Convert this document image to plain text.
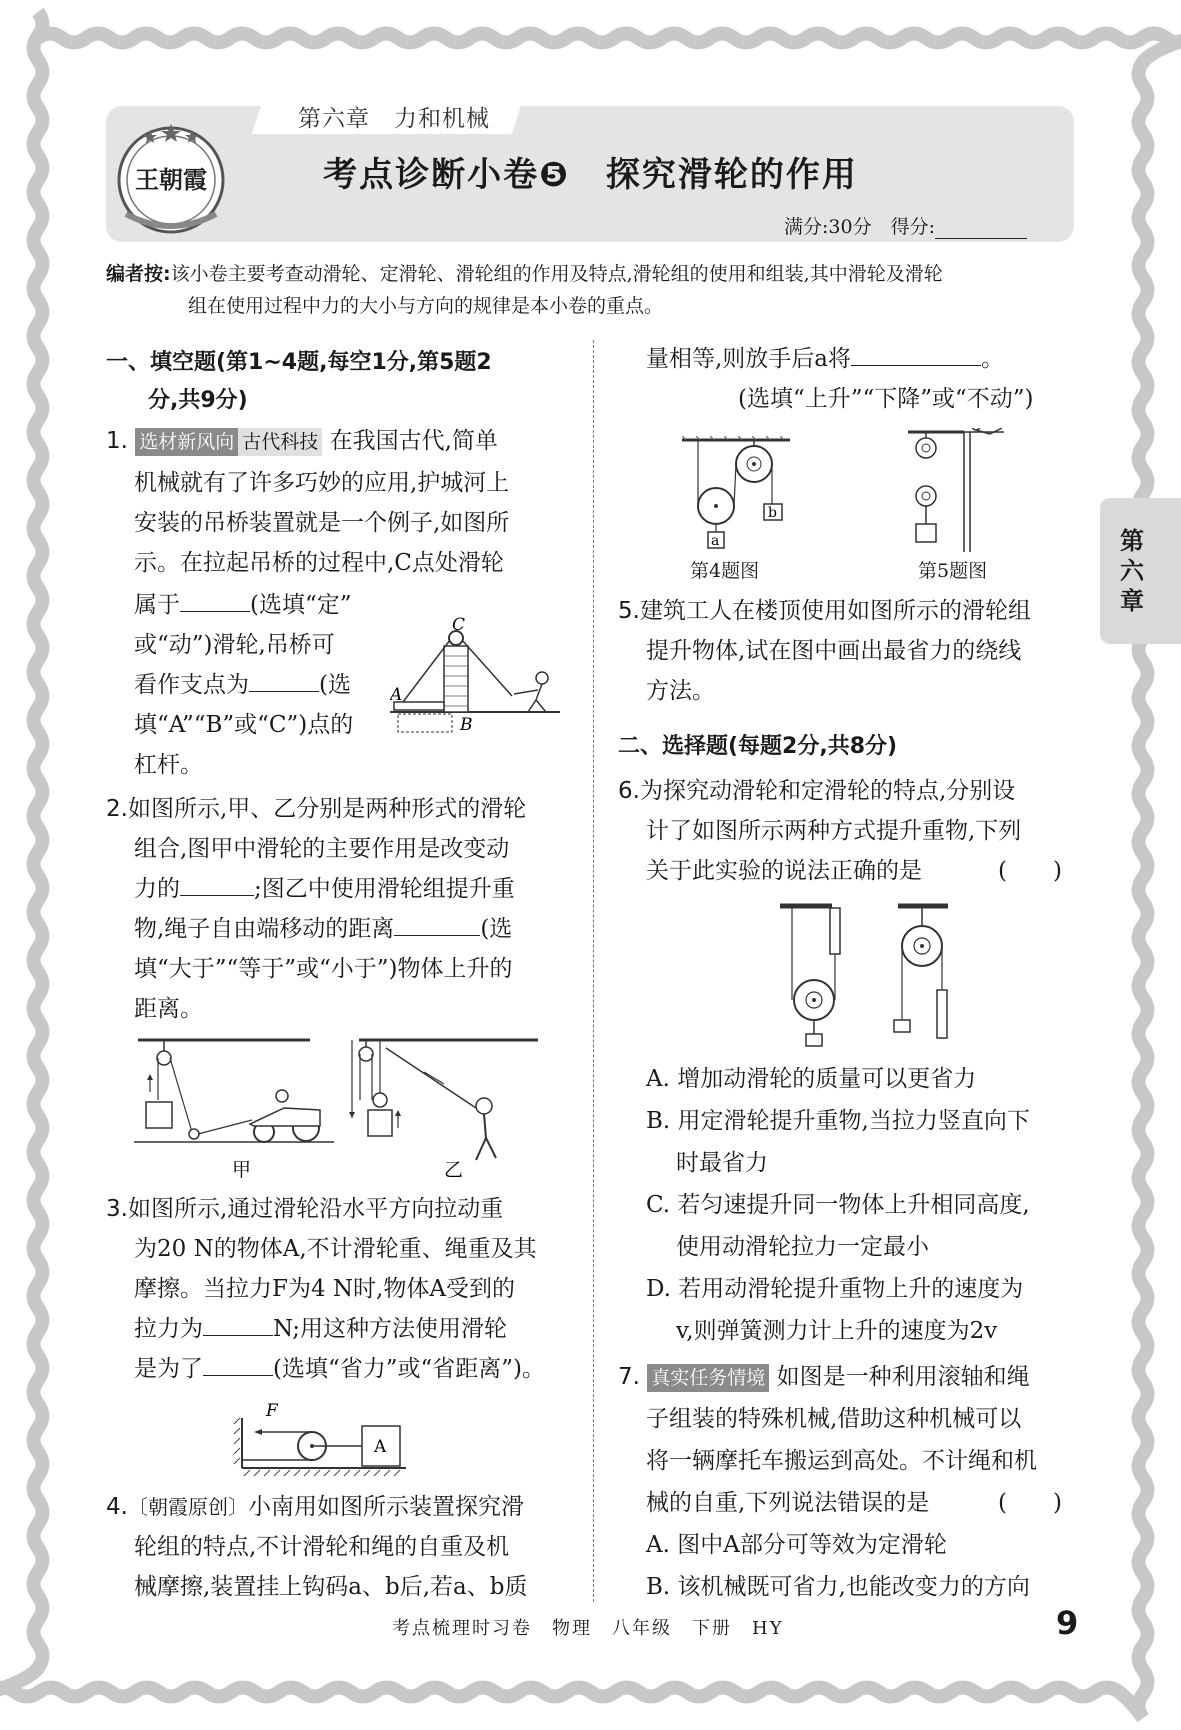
第六章　力和机械
王朝霞	考点诊断小卷❺　探究滑轮的作用
满分:30分　得分:
编者按:该小卷主要考查动滑轮、定滑轮、滑轮组的作用及特点,滑轮组的使用和组装,其中滑轮及滑轮
组在使用过程中力的大小与方向的规律是本小卷的重点。
第六章
一、填空题(第1~4题,每空1分,第5题2
分,共9分)
1. 选材新风向 古代科技 在我国古代,简单
机械就有了许多巧妙的应用,护城河上
安装的吊桥装置就是一个例子,如图所
示。在拉起吊桥的过程中,C点处滑轮
属于	(选填“定”
或“动”)滑轮,吊桥可
看作支点为	(选
填“A”“B”或“C”)点的
杠杆。
C
A
B
2.如图所示,甲、乙分别是两种形式的滑轮
组合,图甲中滑轮的主要作用是改变动
力的	;图乙中使用滑轮组提升重
物,绳子自由端移动的距离	(选
填“大于”“等于”或“小于”)物体上升的
距离。
甲	乙
3.如图所示,通过滑轮沿水平方向拉动重
为20 N的物体A,不计滑轮重、绳重及其
摩擦。当拉力F为4 N时,物体A受到的
拉力为	N;用这种方法使用滑轮
是为了	(选填“省力”或“省距离”)。
F
A
4.〔朝霞原创〕小南用如图所示装置探究滑
轮组的特点,不计滑轮和绳的自重及机
械摩擦,装置挂上钩码a、b后,若a、b质
量相等,则放手后a将	。
(选填“上升”“下降”或“不动”)
a
b
第4题图	第5题图
5.建筑工人在楼顶使用如图所示的滑轮组
提升物体,试在图中画出最省力的绕线
方法。
二、选择题(每题2分,共8分)
6.为探究动滑轮和定滑轮的特点,分别设
计了如图所示两种方式提升重物,下列
关于此实验的说法正确的是	(　　)
A. 增加动滑轮的质量可以更省力
B. 用定滑轮提升重物,当拉力竖直向下
时最省力
C. 若匀速提升同一物体上升相同高度,
使用动滑轮拉力一定最小
D. 若用动滑轮提升重物上升的速度为
v,则弹簧测力计上升的速度为2v
7. 真实任务情境 如图是一种利用滚轴和绳
子组装的特殊机械,借助这种机械可以
将一辆摩托车搬运到高处。不计绳和机
械的自重,下列说法错误的是	(　　)
A. 图中A部分可等效为定滑轮
B. 该机械既可省力,也能改变力的方向
考点梳理时习卷　物理　八年级　下册　HY	9
